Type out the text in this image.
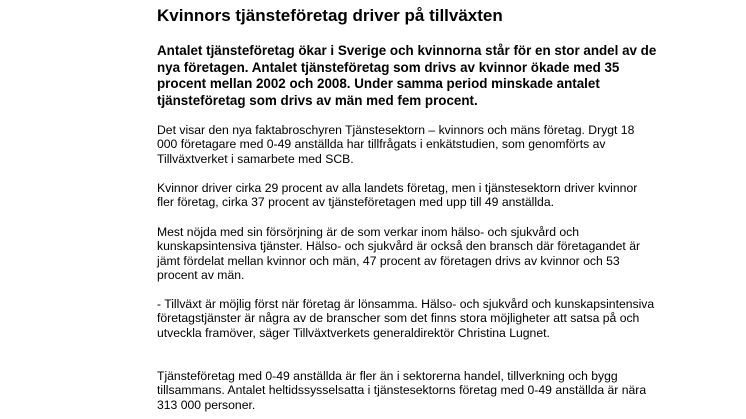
Kvinnors tjänsteföretag driver på tillväxten

Antalet tjänsteföretag ökar i Sverige och kvinnorna står för en stor andel av de nya företagen. Antalet tjänsteföretag som drivs av kvinnor ökade med 35 procent mellan 2002 och 2008. Under samma period minskade antalet tjänsteföretag som drivs av män med fem procent.

Det visar den nya faktabroschyren Tjänstesektorn – kvinnors och mäns företag. Drygt 18 000 företagare med 0-49 anställda har tillfrågats i enkätstudien, som genomförts av Tillväxtverket i samarbete med SCB.

Kvinnor driver cirka 29 procent av alla landets företag, men i tjänstesektorn driver kvinnor fler företag, cirka 37 procent av tjänsteföretagen med upp till 49 anställda.

Mest nöjda med sin försörjning är de som verkar inom hälso- och sjukvård och kunskapsintensiva tjänster. Hälso- och sjukvård är också den bransch där företagandet är jämt fördelat mellan kvinnor och män, 47 procent av företagen drivs av kvinnor och 53 procent av män.

- Tillväxt är möjlig först när företag är lönsamma. Hälso- och sjukvård och kunskapsintensiva företagstjänster är några av de branscher som det finns stora möjligheter att satsa på och utveckla framöver, säger Tillväxtverkets generaldirektör Christina Lugnet.

Tjänsteföretag med 0-49 anställda är fler än i sektorerna handel, tillverkning och bygg tillsammans. Antalet heltidssysselsatta i tjänstesektorns företag med 0-49 anställda är nära 313 000 personer.
